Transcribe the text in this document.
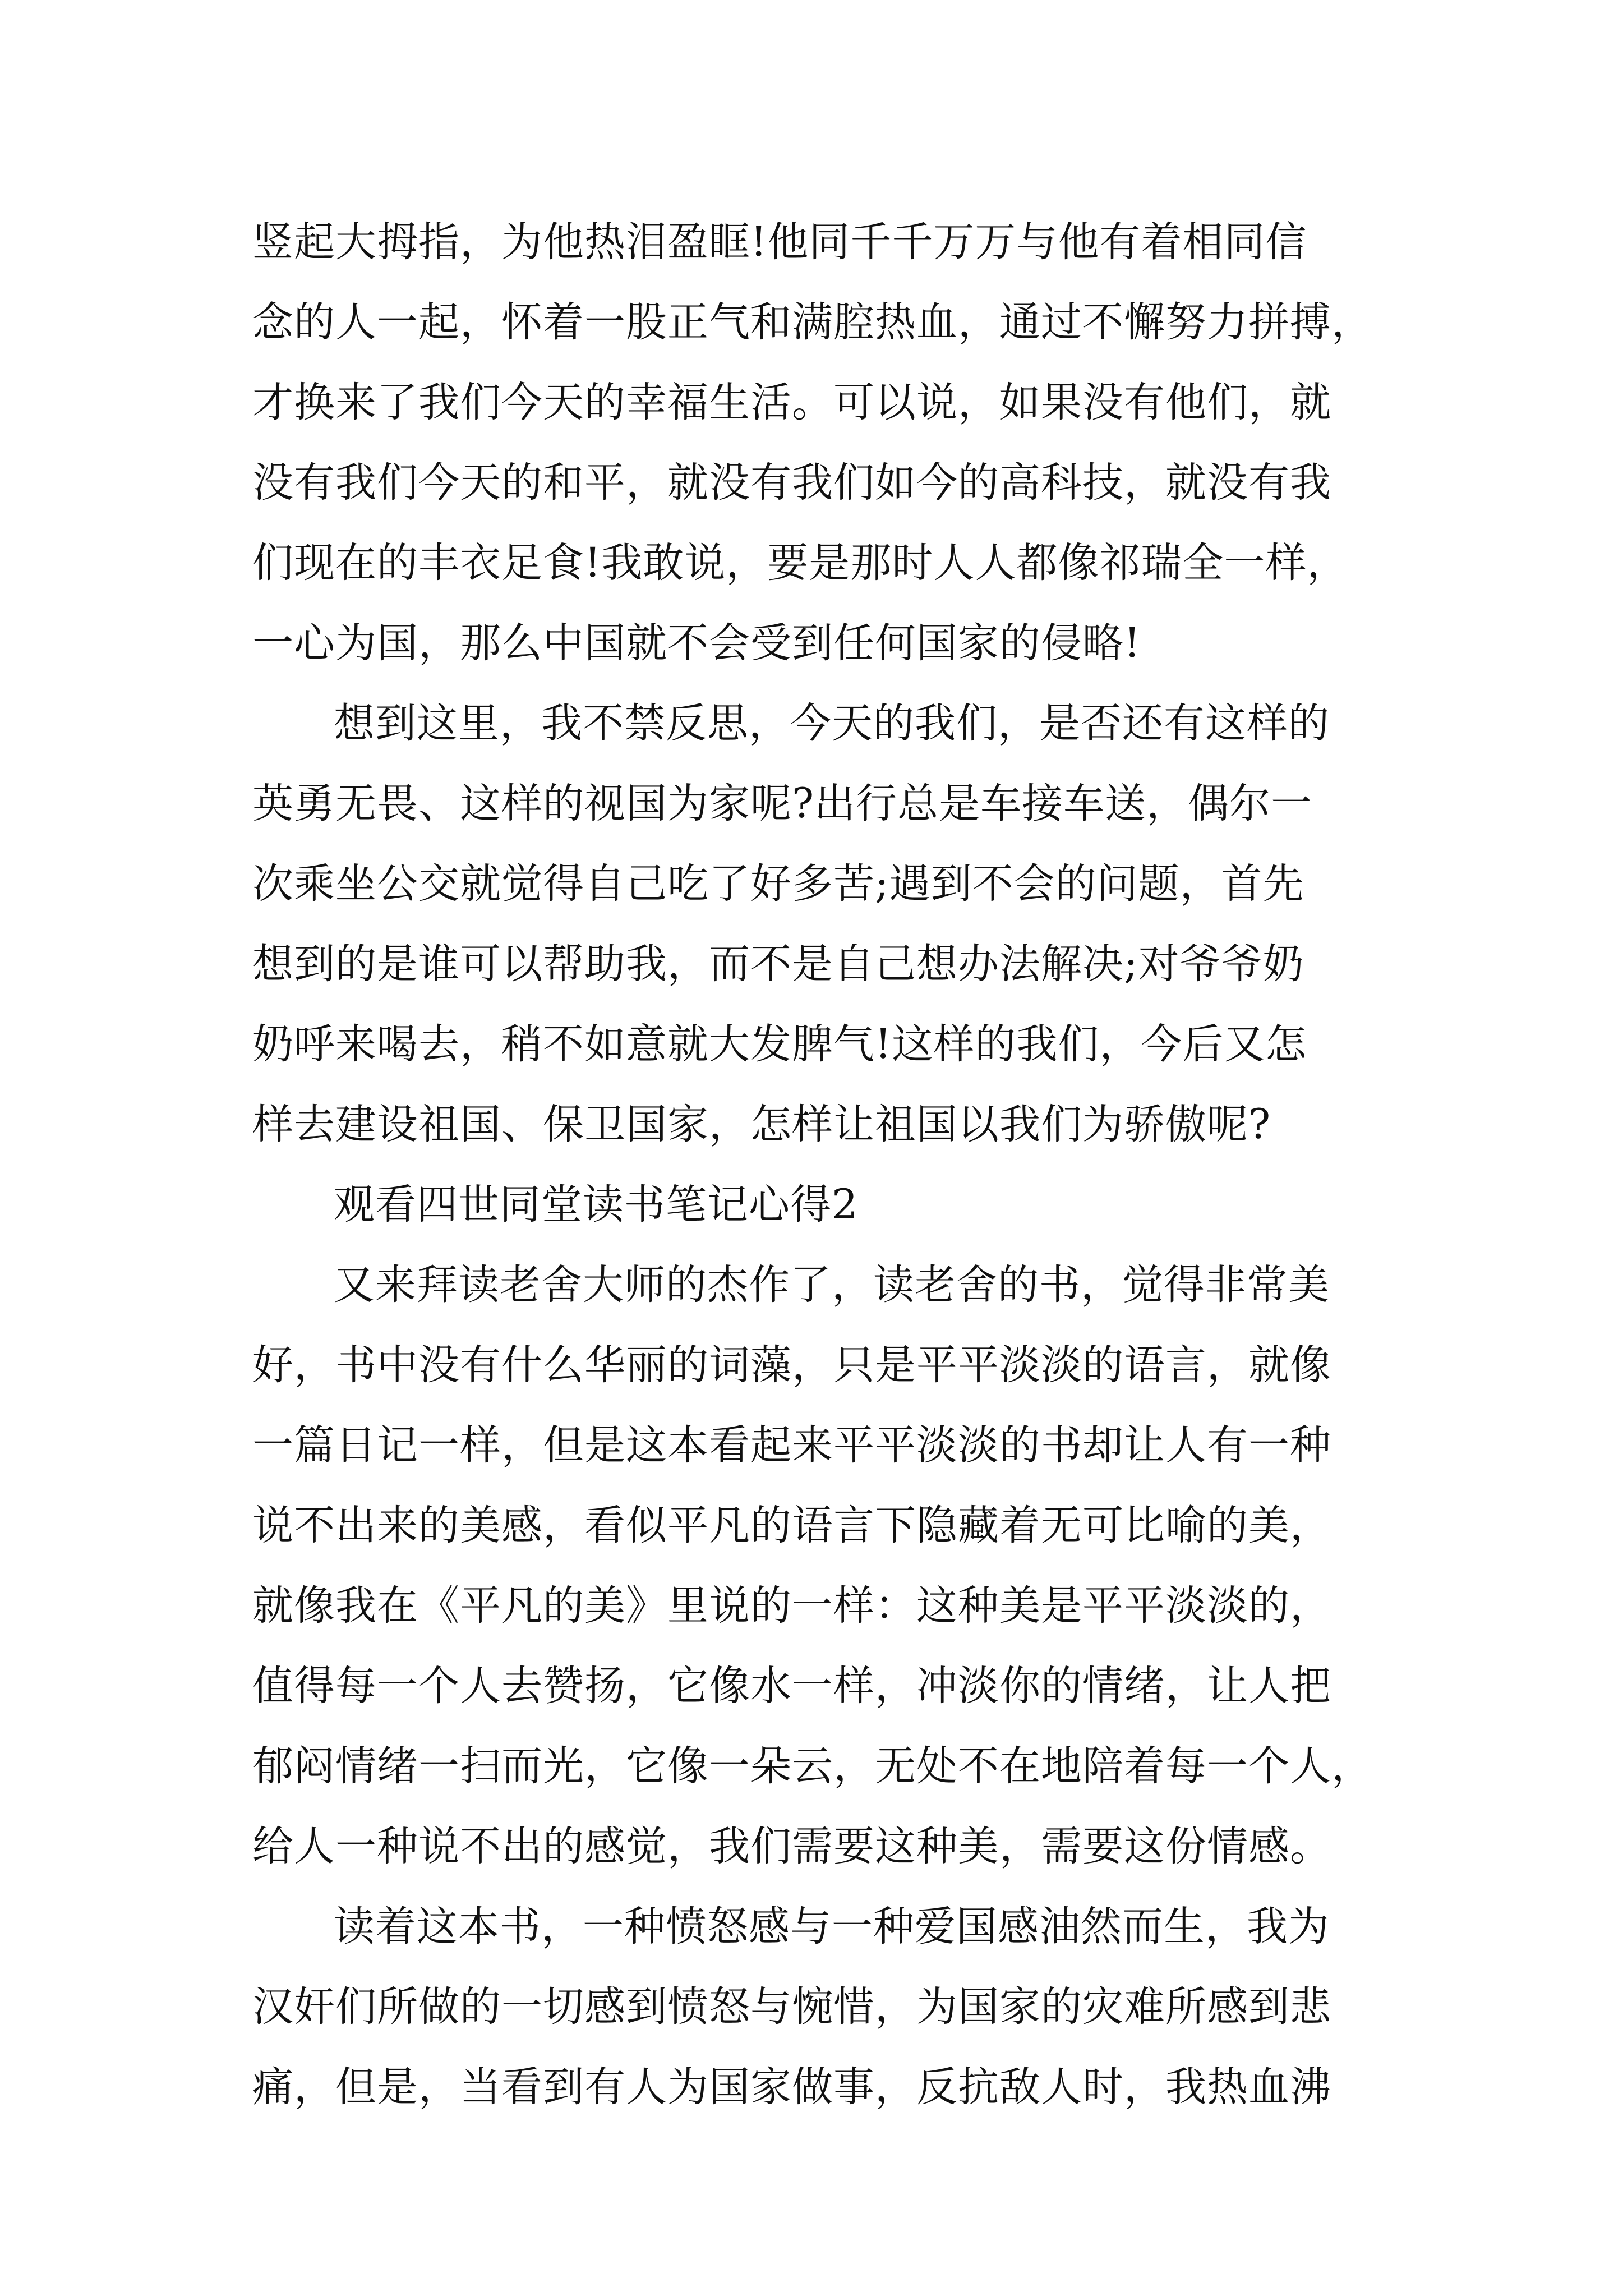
竖起大拇指，为他热泪盈眶!他同千千万万与他有着相同信
念的人一起，怀着一股正气和满腔热血，通过不懈努力拼搏，
才换来了我们今天的幸福生活。可以说，如果没有他们，就
没有我们今天的和平，就没有我们如今的高科技，就没有我
们现在的丰衣足食!我敢说，要是那时人人都像祁瑞全一样，
一心为国，那么中国就不会受到任何国家的侵略!
想到这里，我不禁反思，今天的我们，是否还有这样的
英勇无畏、这样的视国为家呢?出行总是车接车送，偶尔一
次乘坐公交就觉得自己吃了好多苦;遇到不会的问题，首先
想到的是谁可以帮助我，而不是自己想办法解决;对爷爷奶
奶呼来喝去，稍不如意就大发脾气!这样的我们，今后又怎
样去建设祖国、保卫国家，怎样让祖国以我们为骄傲呢?
观看四世同堂读书笔记心得2
又来拜读老舍大师的杰作了，读老舍的书，觉得非常美
好，书中没有什么华丽的词藻，只是平平淡淡的语言，就像
一篇日记一样，但是这本看起来平平淡淡的书却让人有一种
说不出来的美感，看似平凡的语言下隐藏着无可比喻的美，
就像我在《平凡的美》里说的一样：这种美是平平淡淡的，
值得每一个人去赞扬，它像水一样，冲淡你的情绪，让人把
郁闷情绪一扫而光，它像一朵云，无处不在地陪着每一个人，
给人一种说不出的感觉，我们需要这种美，需要这份情感。
读着这本书，一种愤怒感与一种爱国感油然而生，我为
汉奸们所做的一切感到愤怒与惋惜，为国家的灾难所感到悲
痛，但是，当看到有人为国家做事，反抗敌人时，我热血沸
